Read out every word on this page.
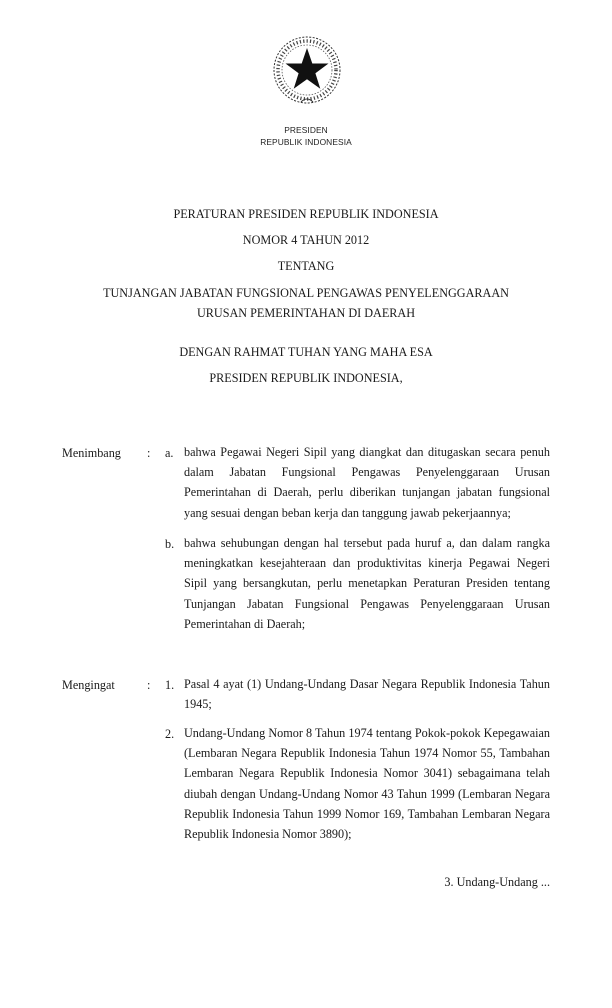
PRESIDEN
REPUBLIK INDONESIA
PERATURAN PRESIDEN REPUBLIK INDONESIA
NOMOR 4 TAHUN 2012
TENTANG
TUNJANGAN JABATAN FUNGSIONAL PENGAWAS PENYELENGGARAAN
URUSAN PEMERINTAHAN DI DAERAH
DENGAN RAHMAT TUHAN YANG MAHA ESA
PRESIDEN REPUBLIK INDONESIA,
Menimbang : a. bahwa Pegawai Negeri Sipil yang diangkat dan ditugaskan secara penuh dalam Jabatan Fungsional Pengawas Penyelenggaraan Urusan Pemerintahan di Daerah, perlu diberikan tunjangan jabatan fungsional yang sesuai dengan beban kerja dan tanggung jawab pekerjaannya;
b. bahwa sehubungan dengan hal tersebut pada huruf a, dan dalam rangka meningkatkan kesejahteraan dan produktivitas kinerja Pegawai Negeri Sipil yang bersangkutan, perlu menetapkan Peraturan Presiden tentang Tunjangan Jabatan Fungsional Pengawas Penyelenggaraan Urusan Pemerintahan di Daerah;
Mengingat	: 1. Pasal 4 ayat (1) Undang-Undang Dasar Negara Republik Indonesia Tahun 1945;
2. Undang-Undang Nomor 8 Tahun 1974 tentang Pokok-pokok Kepegawaian (Lembaran Negara Republik Indonesia Tahun 1974 Nomor 55, Tambahan Lembaran Negara Republik Indonesia Nomor 3041) sebagaimana telah diubah dengan Undang-Undang Nomor 43 Tahun 1999 (Lembaran Negara Republik Indonesia Tahun 1999 Nomor 169, Tambahan Lembaran Negara Republik Indonesia Nomor 3890);
3. Undang-Undang ...
